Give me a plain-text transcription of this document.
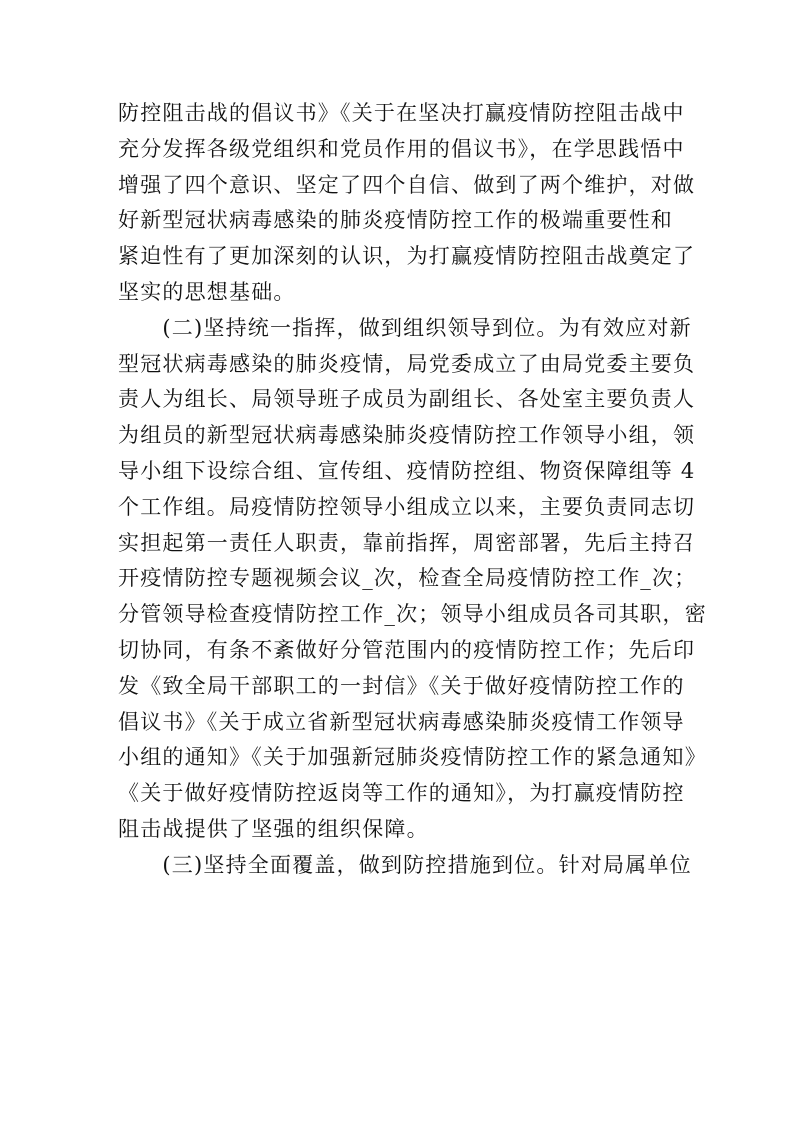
防控阻击战的倡议书》《关于在坚决打赢疫情防控阻击战中
充分发挥各级党组织和党员作用的倡议书》，在学思践悟中
增强了四个意识、坚定了四个自信、做到了两个维护，对做
好新型冠状病毒感染的肺炎疫情防控工作的极端重要性和
紧迫性有了更加深刻的认识，为打赢疫情防控阻击战奠定了
坚实的思想基础。
　　(二)坚持统一指挥，做到组织领导到位。为有效应对新
型冠状病毒感染的肺炎疫情，局党委成立了由局党委主要负
责人为组长、局领导班子成员为副组长、各处室主要负责人
为组员的新型冠状病毒感染肺炎疫情防控工作领导小组，领
导小组下设综合组、宣传组、疫情防控组、物资保障组等 4
个工作组。局疫情防控领导小组成立以来，主要负责同志切
实担起第一责任人职责，靠前指挥，周密部署，先后主持召
开疫情防控专题视频会议_次，检查全局疫情防控工作_次；
分管领导检查疫情防控工作_次；领导小组成员各司其职，密
切协同，有条不紊做好分管范围内的疫情防控工作；先后印
发《致全局干部职工的一封信》《关于做好疫情防控工作的
倡议书》《关于成立省新型冠状病毒感染肺炎疫情工作领导
小组的通知》《关于加强新冠肺炎疫情防控工作的紧急通知》
《关于做好疫情防控返岗等工作的通知》，为打赢疫情防控
阻击战提供了坚强的组织保障。
　　(三)坚持全面覆盖，做到防控措施到位。针对局属单位
